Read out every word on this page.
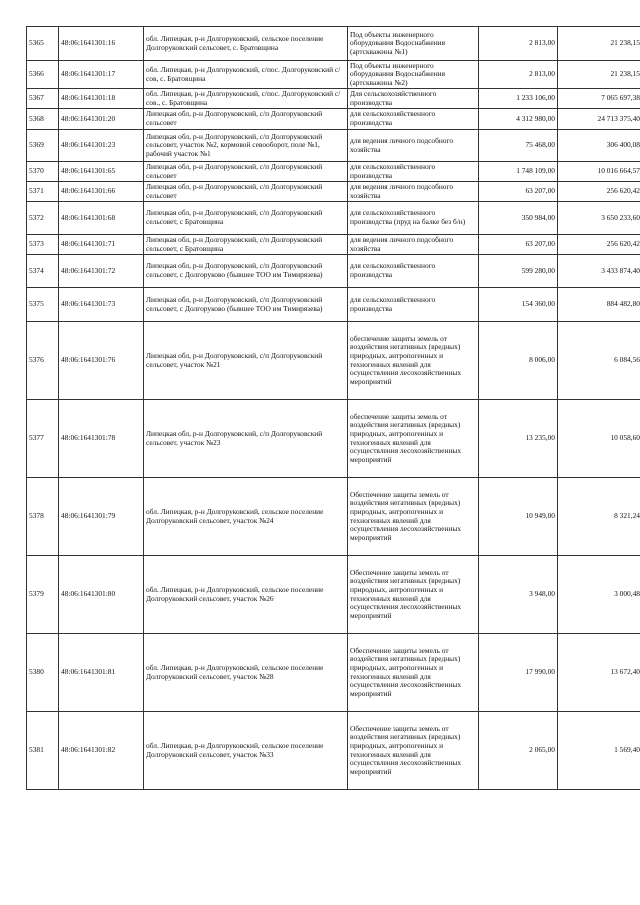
5365	48:06:1641301:16	обл. Липецкая, р-н Долгоруковский, сельское поселение Долгоруковский сельсовет, с. Братовщина	Под объекты инженерного оборудования Водоснабжения (артскважина №1)	2 813,00	21 238,15
5366	48:06:1641301:17	обл. Липецкая, р-н Долгоруковский, с/пос. Долгоруковский с/сов, с. Братовщина	Под объекты инженерного оборудования Водоснабжения (артскважина №2)	2 813,00	21 238,15
5367	48:06:1641301:18	обл. Липецкая, р-н Долгоруковский, с/пос. Долгоруковский с/сов., с. Братовщина	Для сельскохозяйственного производства	1 233 106,00	7 065 697,38
5368	48:06:1641301:20	Липецкая обл, р-н Долгоруковский, с/п Долгоруковский сельсовет	для сельскохозяйственного производства	4 312 980,00	24 713 375,40
5369	48:06:1641301:23	Липецкая обл, р-н Долгоруковский, с/п Долгоруковский сельсовет, участок №2, кормовой севооборот, поле №1, рабочий участок №1	для ведения личного подсобного хозяйства	75 468,00	306 400,08
5370	48:06:1641301:65	Липецкая обл, р-н Долгоруковский, с/п Долгоруковский сельсовет	для сельскохозяйственного производства	1 748 109,00	10 016 664,57
5371	48:06:1641301:66	Липецкая обл, р-н Долгоруковский, с/п Долгоруковский сельсовет	для ведения личного подсобного хозяйства	63 207,00	256 620,42
5372	48:06:1641301:68	Липецкая обл, р-н Долгоруковский, с/п Долгоруковский сельсовет, с Братовщина	для сельскохозяйственного производства (пруд на балке без б/н)	350 984,00	3 650 233,60
5373	48:06:1641301:71	Липецкая обл, р-н Долгоруковский, с/п Долгоруковский сельсовет, с Братовщина	для ведения личного подсобного хозяйства	63 207,00	256 620,42
5374	48:06:1641301:72	Липецкая обл, р-н Долгоруковский, с/п Долгоруковский сельсовет, с Долгоруково (бывшее ТОО им Тимирязева)	для сельскохозяйственного производства	599 280,00	3 433 874,40
5375	48:06:1641301:73	Липецкая обл, р-н Долгоруковский, с/п Долгоруковский сельсовет, с Долгоруково (бывшее ТОО им Тимирязева)	для сельскохозяйственного производства	154 360,00	884 482,80
5376	48:06:1641301:76	Липецкая обл, р-н Долгоруковский, с/п Долгоруковский сельсовет, участок №21	обеспечение защиты земель от воздействия негативных (вредных) природных, антропогенных и техногенных явлений для осуществления лесохозяйственных мероприятий	8 006,00	6 084,56
5377	48:06:1641301:78	Липецкая обл, р-н Долгоруковский, с/п Долгоруковский сельсовет, участок №23	обеспечение защиты земель от воздействия негативных (вредных) природных, антропогенных и техногенных явлений для осуществления лесохозяйственных мероприятий	13 235,00	10 058,60
5378	48:06:1641301:79	обл. Липецкая, р-н Долгоруковский, сельское поселение Долгоруковский сельсовет, участок №24	Обеспечение защиты земель от воздействия негативных (вредных) природных, антропогенных и техногенных явлений для осуществления лесохозяйственных мероприятий	10 949,00	8 321,24
5379	48:06:1641301:80	обл. Липецкая, р-н Долгоруковский, сельское поселение Долгоруковский сельсовет, участок №26	Обеспечение защиты земель от воздействия негативных (вредных) природных, антропогенных и техногенных явлений для осуществления лесохозяйственных мероприятий	3 948,00	3 000,48
5380	48:06:1641301:81	обл. Липецкая, р-н Долгоруковский, сельское поселение Долгоруковский сельсовет, участок №28	Обеспечение защиты земель от воздействия негативных (вредных) природных, антропогенных и техногенных явлений для осуществления лесохозяйственных мероприятий	17 990,00	13 672,40
5381	48:06:1641301:82	обл. Липецкая, р-н Долгоруковский, сельское поселение Долгоруковский сельсовет, участок №33	Обеспечение защиты земель от воздействия негативных (вредных) природных, антропогенных и техногенных явлений для осуществления лесохозяйственных мероприятий	2 065,00	1 569,40
